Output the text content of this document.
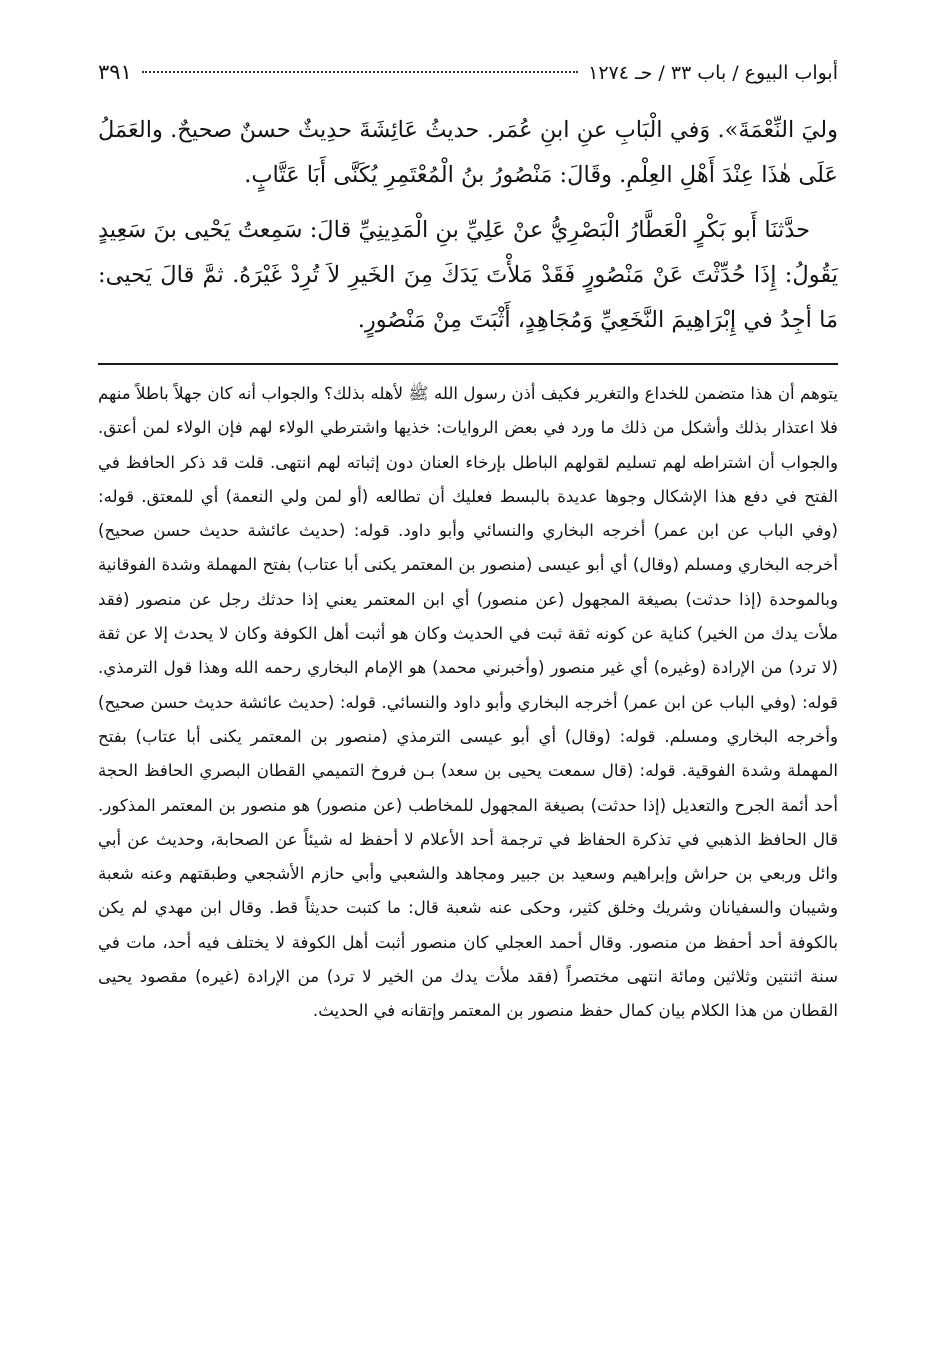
أبواب البيوع / باب ٣٣ / حـ ١٢٧٤
٣٩١

وليَ النِّعْمَةَ». وَفي الْبَابِ عنِ ابنِ عُمَر. حديثُ عَائِشَةَ حدِيثٌ حسنٌ صحيحٌ. والعَمَلُ عَلَى هٰذَا عِنْدَ أَهْلِ العِلْمِ. وقَالَ: مَنْصُورُ بنُ الْمُعْتَمِرِ يُكَنَّى أَبَا عَتَّابٍ.

حدَّثنَا أَبو بَكْرٍ الْعَطَّارُ الْبَصْرِيُّ عنْ عَلِيِّ بنِ الْمَدِينِيِّ قالَ: سَمِعتُ يَحْيى بنَ سَعِيدٍ يَقُولُ: إِذَا حُدِّثْتَ عَنْ مَنْصُورٍ فَقَدْ مَلأْتَ يَدَكَ مِنَ الخَيرِ لاَ تُرِدْ غَيْرَهُ. ثمَّ قالَ يَحيى: مَا أجِدُ في إِبْرَاهِيمَ النَّخَعِيِّ وَمُجَاهِدٍ، أَثْبَتَ مِنْ مَنْصُورٍ.

يتوهم أن هذا متضمن للخداع والتغرير فكيف أذن رسول الله ﷺ لأهله بذلك؟ والجواب أنه كان جهلاً باطلاً منهم فلا اعتذار بذلك وأشكل من ذلك ما ورد في بعض الروايات: خذيها واشترطي الولاء لهم فإن الولاء لمن أعتق. والجواب أن اشتراطه لهم تسليم لقولهم الباطل بإرخاء العنان دون إثباته لهم انتهى. قلت قد ذكر الحافظ في الفتح في دفع هذا الإشكال وجوها عديدة بالبسط فعليك أن تطالعه (أو لمن ولي النعمة) أي للمعتق. قوله:(وفي الباب عن ابن عمر) أخرجه البخاري والنسائي وأبو داود. قوله: (حديث عائشة حديث حسن صحيح) أخرجه البخاري ومسلم (وقال) أي أبو عيسى (منصور بن المعتمر يكنى أبا عتاب) بفتح المهملة وشدة الفوقانية وبالموحدة (إذا حدثت) بصيغة المجهول (عن منصور) أي ابن المعتمر يعني إذا حدثك رجل عن منصور (فقد ملأت يدك من الخير) كناية عن كونه ثقة ثبت في الحديث وكان هو أثبت أهل الكوفة وكان لا يحدث إلا عن ثقة (لا ترد) من الإرادة (وغيره) أي غير منصور (وأخبرني محمد) هو الإمام البخاري رحمه الله وهذا قول الترمذي. قوله: (وفي الباب عن ابن عمر) أخرجه البخاري وأبو داود والنسائي. قوله: (حديث عائشة حديث حسن صحيح) وأخرجه البخاري ومسلم. قوله: (وقال) أي أبو عيسى الترمذي (منصور بن المعتمر يكنى أبا عتاب) بفتح المهملة وشدة الفوقية. قوله: (قال سمعت يحيى بن سعد) بـن فروخ التميمي القطان البصري الحافظ الحجة أحد أئمة الجرح والتعديل (إذا حدثت) بصيغة المجهول للمخاطب (عن منصور) هو منصور بن المعتمر المذكور. قال الحافظ الذهبي في تذكرة الحفاظ في ترجمة أحد الأعلام لا أحفظ له شيئاً عن الصحابة، وحديث عن أبي وائل وربعي بن حراش وإبراهيم وسعيد بن جبير ومجاهد والشعبي وأبي حازم الأشجعي وطبقتهم وعنه شعبة وشيبان والسفيانان وشريك وخلق كثير، وحكى عنه شعبة قال: ما كتبت حديثاً قط. وقال ابن مهدي لم يكن بالكوفة أحد أحفظ من منصور. وقال أحمد العجلي كان منصور أثبت أهل الكوفة لا يختلف فيه أحد، مات في سنة اثنتين وثلاثين ومائة انتهى مختصراً (فقد ملأت يدك من الخير لا ترد) من الإرادة (غيره) مقصود يحيى القطان من هذا الكلام بيان كمال حفظ منصور بن المعتمر وإتقانه في الحديث.
